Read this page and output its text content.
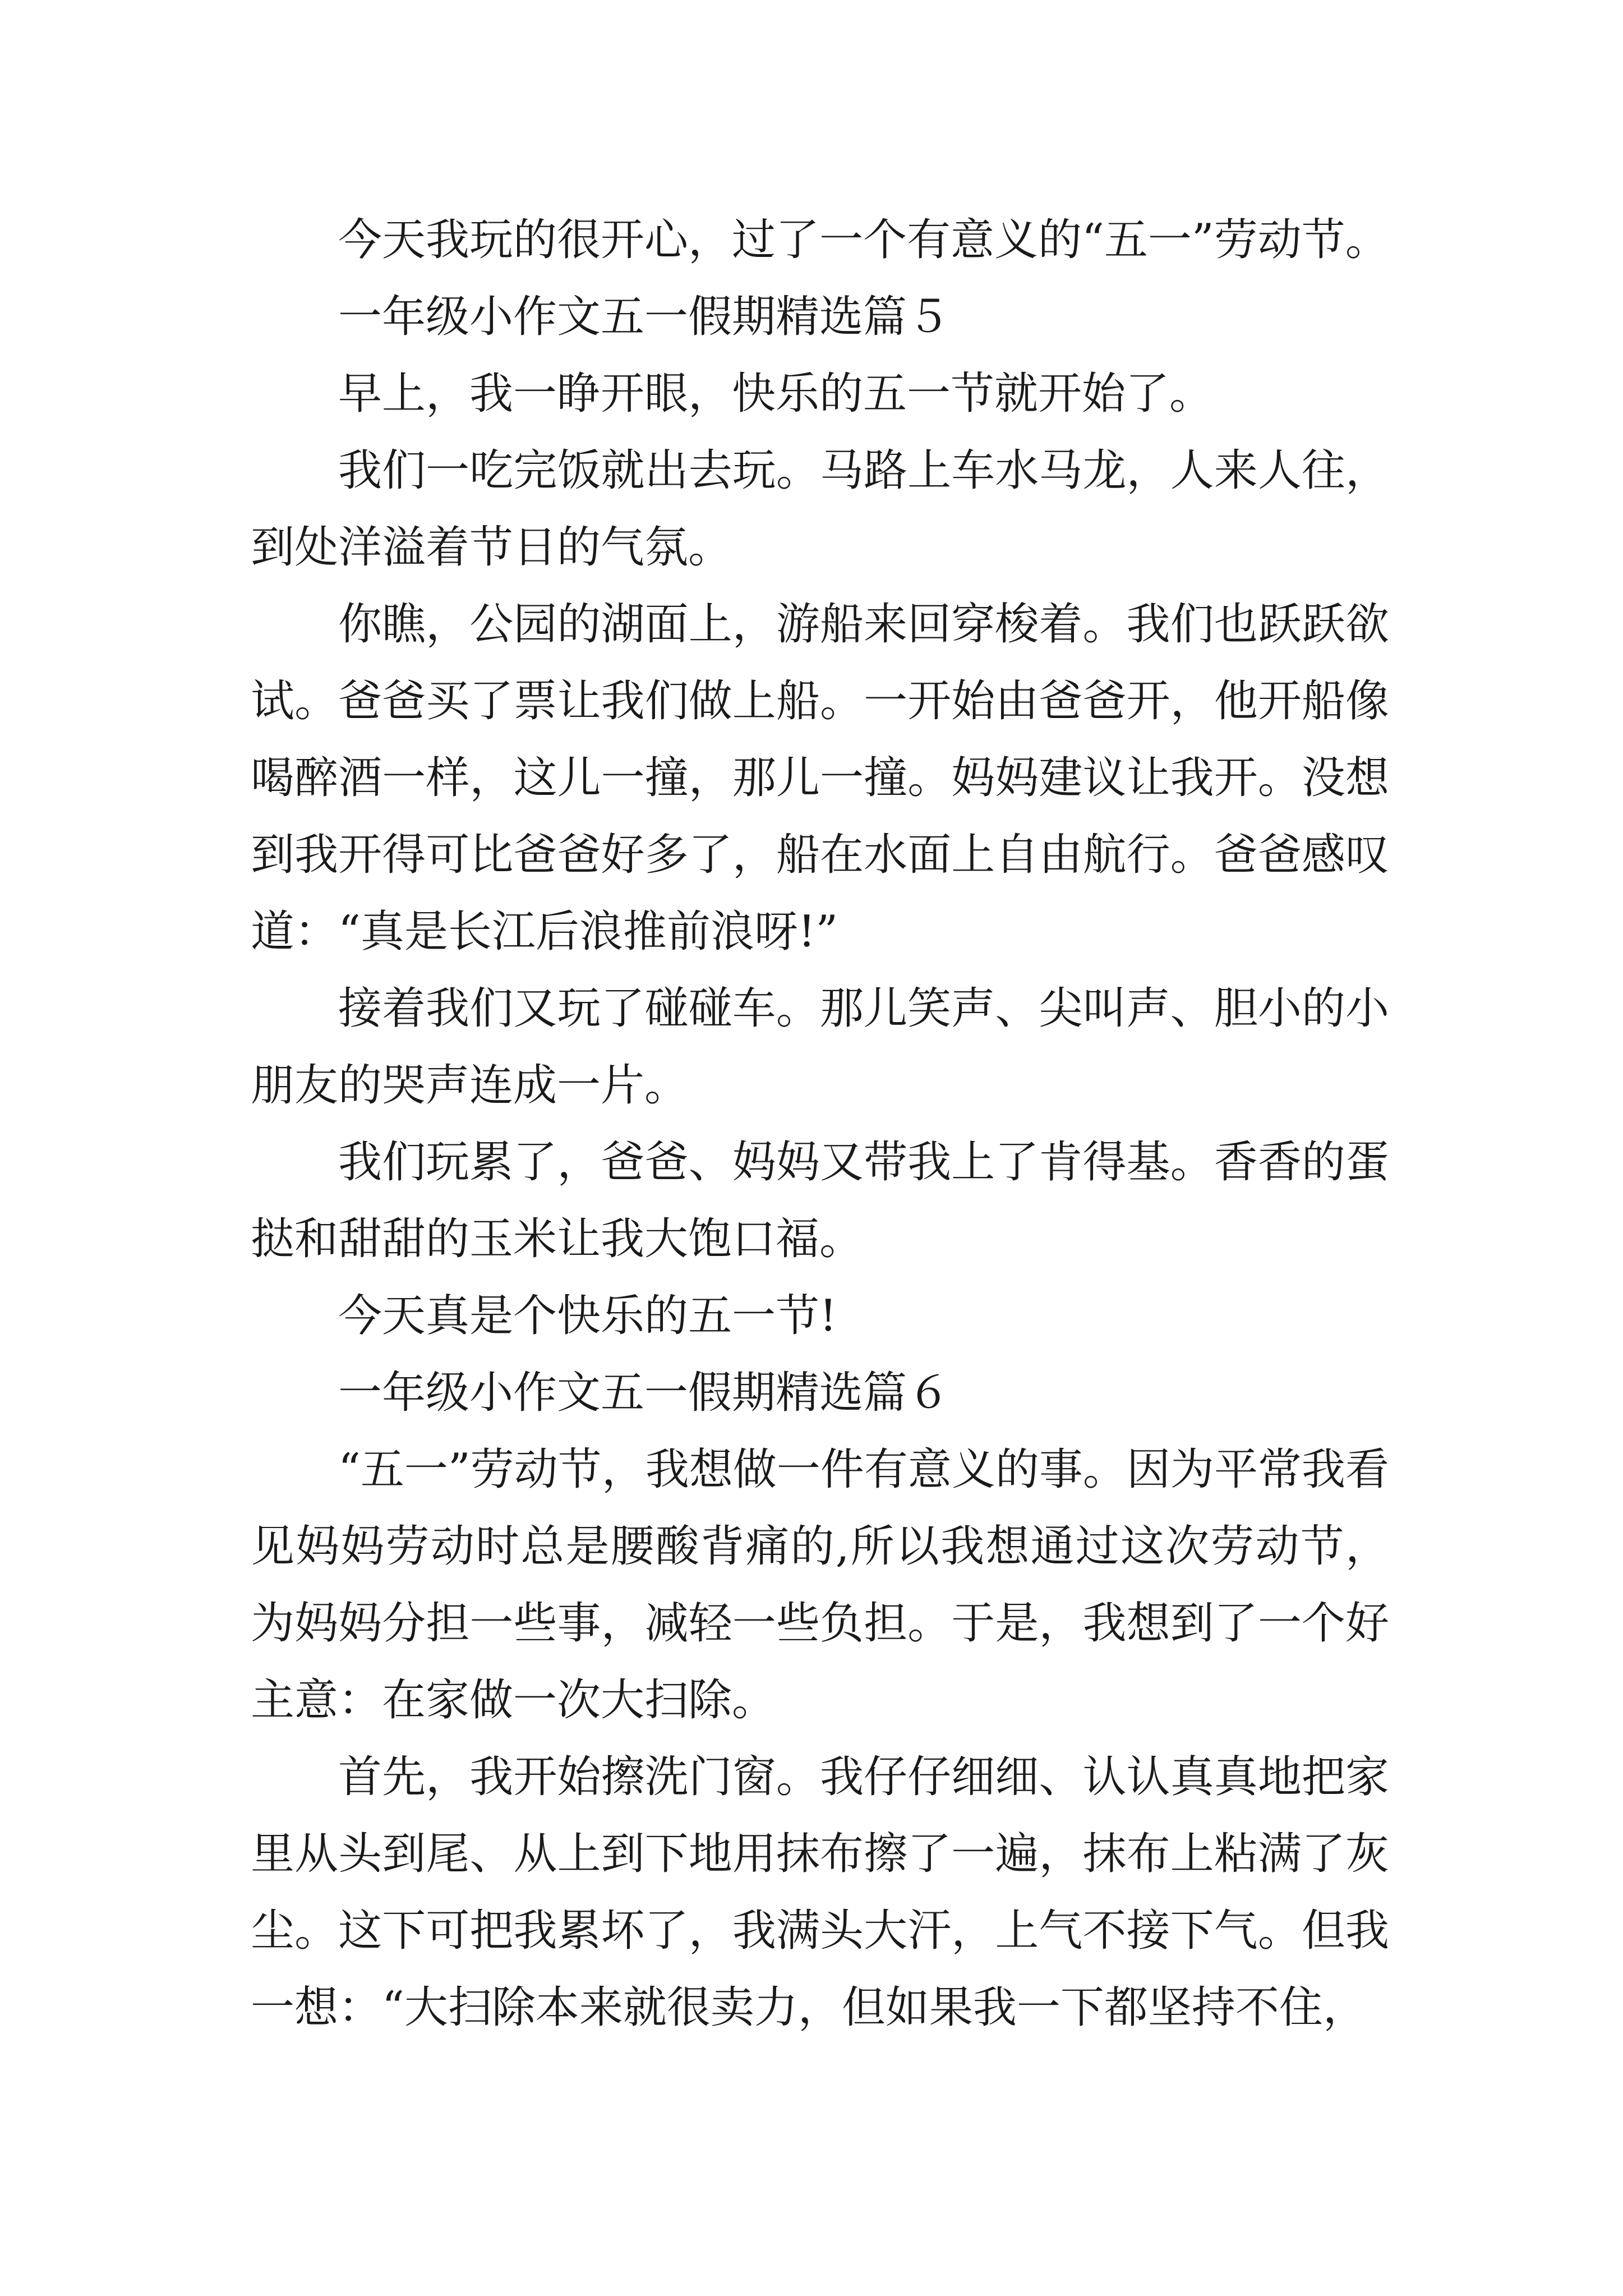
今天我玩的很开心，过了一个有意义的“五一”劳动节。

一年级小作文五一假期精选篇５

早上，我一睁开眼，快乐的五一节就开始了。

我们一吃完饭就出去玩。马路上车水马龙，人来人往，到处洋溢着节日的气氛。

你瞧，公园的湖面上，游船来回穿梭着。我们也跃跃欲试。爸爸买了票让我们做上船。一开始由爸爸开，他开船像喝醉酒一样，这儿一撞，那儿一撞。妈妈建议让我开。没想到我开得可比爸爸好多了，船在水面上自由航行。爸爸感叹道：“真是长江后浪推前浪呀!”

接着我们又玩了碰碰车。那儿笑声、尖叫声、胆小的小朋友的哭声连成一片。

我们玩累了，爸爸、妈妈又带我上了肯得基。香香的蛋挞和甜甜的玉米让我大饱口福。

今天真是个快乐的五一节!

一年级小作文五一假期精选篇６

“五一”劳动节，我想做一件有意义的事。因为平常我看见妈妈劳动时总是腰酸背痛的,所以我想通过这次劳动节，为妈妈分担一些事，减轻一些负担。于是，我想到了一个好主意：在家做一次大扫除。

首先，我开始擦洗门窗。我仔仔细细、认认真真地把家里从头到尾、从上到下地用抹布擦了一遍，抹布上粘满了灰尘。这下可把我累坏了，我满头大汗，上气不接下气。但我一想：“大扫除本来就很卖力，但如果我一下都坚持不住，
